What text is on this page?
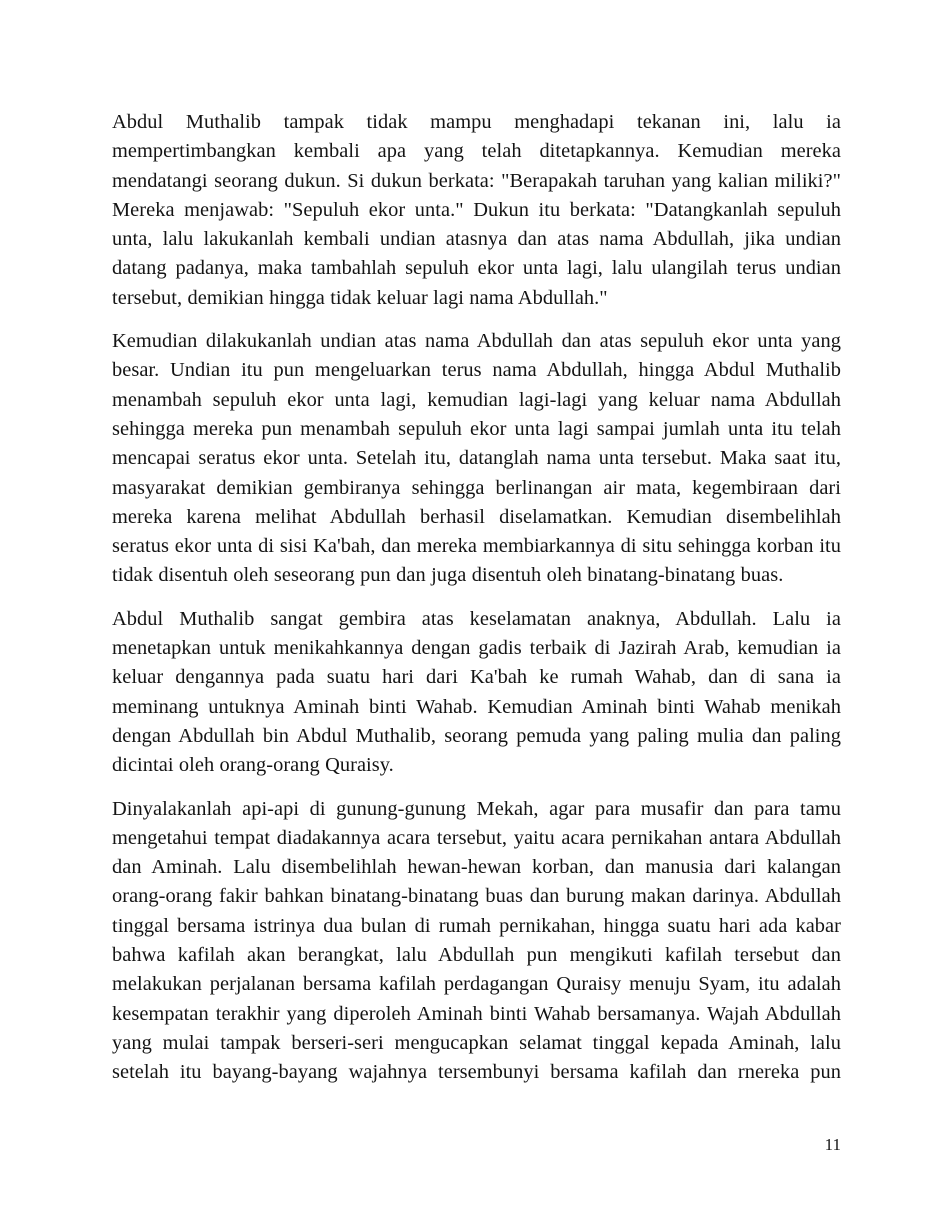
Abdul Muthalib tampak tidak mampu menghadapi tekanan ini, lalu ia mempertimbangkan kembali apa yang telah ditetapkannya. Kemudian mereka mendatangi seorang dukun. Si dukun berkata: "Berapakah taruhan yang kalian miliki?" Mereka menjawab: "Sepuluh ekor unta." Dukun itu berkata: "Datangkanlah sepuluh unta, lalu lakukanlah kembali undian atasnya dan atas nama Abdullah, jika undian datang padanya, maka tambahlah sepuluh ekor unta lagi, lalu ulangilah terus undian tersebut, demikian hingga tidak keluar lagi nama Abdullah."

Kemudian dilakukanlah undian atas nama Abdullah dan atas sepuluh ekor unta yang besar. Undian itu pun mengeluarkan terus nama Abdullah, hingga Abdul Muthalib menambah sepuluh ekor unta lagi, kemudian lagi-lagi yang keluar nama Abdullah sehingga mereka pun menambah sepuluh ekor unta lagi sampai jumlah unta itu telah mencapai seratus ekor unta. Setelah itu, datanglah nama unta tersebut. Maka saat itu, masyarakat demikian gembiranya sehingga berlinangan air mata, kegembiraan dari mereka karena melihat Abdullah berhasil diselamatkan. Kemudian disembelihlah seratus ekor unta di sisi Ka'bah, dan mereka membiarkannya di situ sehingga korban itu tidak disentuh oleh seseorang pun dan juga disentuh oleh binatang-binatang buas.

Abdul Muthalib sangat gembira atas keselamatan anaknya, Abdullah. Lalu ia menetapkan untuk menikahkannya dengan gadis terbaik di Jazirah Arab, kemudian ia keluar dengannya pada suatu hari dari Ka'bah ke rumah Wahab, dan di sana ia meminang untuknya Aminah binti Wahab. Kemudian Aminah binti Wahab menikah dengan Abdullah bin Abdul Muthalib, seorang pemuda yang paling mulia dan paling dicintai oleh orang-orang Quraisy.

Dinyalakanlah api-api di gunung-gunung Mekah, agar para musafir dan para tamu mengetahui tempat diadakannya acara tersebut, yaitu acara pernikahan antara Abdullah dan Aminah. Lalu disembelihlah hewan-hewan korban, dan manusia dari kalangan orang-orang fakir bahkan binatang-binatang buas dan burung makan darinya. Abdullah tinggal bersama istrinya dua bulan di rumah pernikahan, hingga suatu hari ada kabar bahwa kafilah akan berangkat, lalu Abdullah pun mengikuti kafilah tersebut dan melakukan perjalanan bersama kafilah perdagangan Quraisy menuju Syam, itu adalah kesempatan terakhir yang diperoleh Aminah binti Wahab bersamanya. Wajah Abdullah yang mulai tampak berseri-seri mengucapkan selamat tinggal kepada Aminah, lalu setelah itu bayang-bayang wajahnya tersembunyi bersama kafilah dan rnereka pun

11
